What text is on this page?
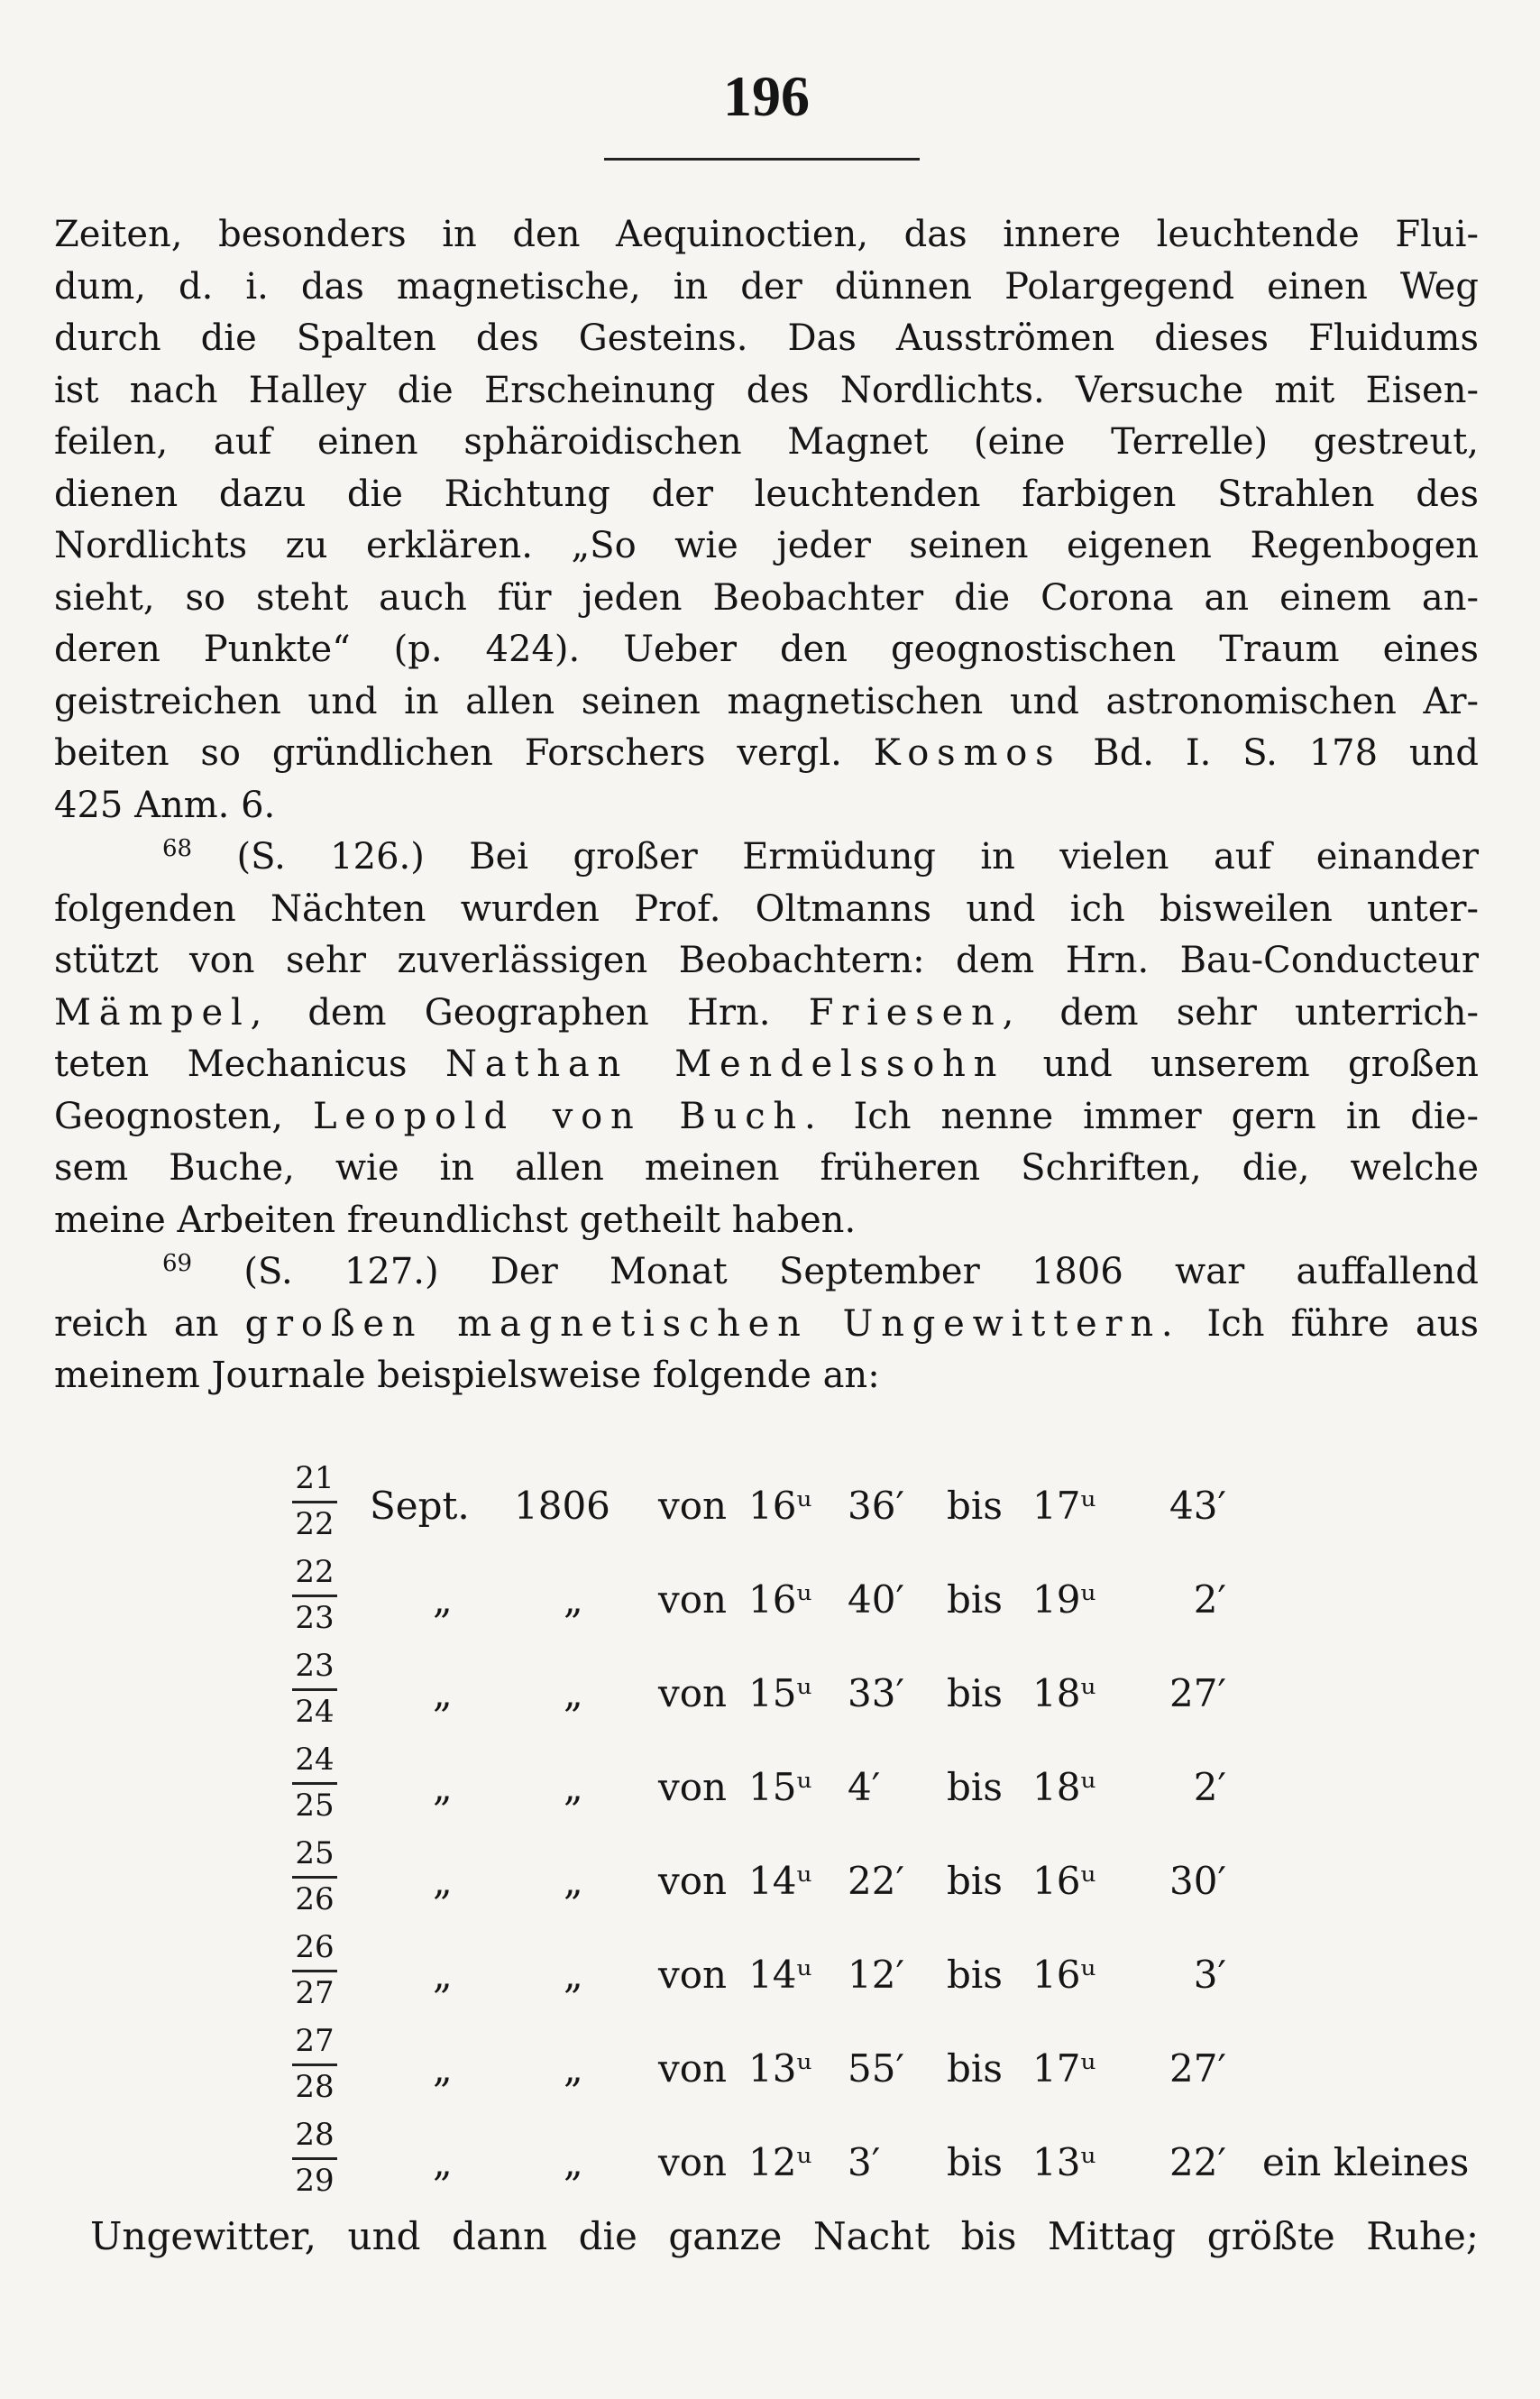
196
Zeiten, besonders in den Aequinoctien, das innere leuchtende Flui-
dum, d. i. das magnetische, in der dünnen Polargegend einen Weg
durch die Spalten des Gesteins. Das Ausströmen dieses Fluidums
ist nach Halley die Erscheinung des Nordlichts. Versuche mit Eisen-
feilen, auf einen sphäroidischen Magnet (eine Terrelle) gestreut,
dienen dazu die Richtung der leuchtenden farbigen Strahlen des
Nordlichts zu erklären. „So wie jeder seinen eigenen Regenbogen
sieht, so steht auch für jeden Beobachter die Corona an einem an-
deren Punkte“ (p. 424). Ueber den geognostischen Traum eines
geistreichen und in allen seinen magnetischen und astronomischen Ar-
beiten so gründlichen Forschers vergl. Kosmos Bd. I. S. 178 und
425 Anm. 6.
$^{68}$ (S. 126.) Bei großer Ermüdung in vielen auf einander
folgenden Nächten wurden Prof. Oltmanns und ich bisweilen unter-
stützt von sehr zuverlässigen Beobachtern: dem Hrn. Bau-Conducteur
Mämpel, dem Geographen Hrn. Friesen, dem sehr unterrich-
teten Mechanicus Nathan Mendelssohn und unserem großen
Geognosten, Leopold von Buch. Ich nenne immer gern in die-
sem Buche, wie in allen meinen früheren Schriften, die, welche
meine Arbeiten freundlichst getheilt haben.
$^{69}$ (S. 127.) Der Monat September 1806 war auffallend
reich an großen magnetischen Ungewittern. Ich führe aus
meinem Journale beispielsweise folgende an:
21
22 Sept. 1806 von 16ᵘ 36′ bis 17ᵘ	43′
22
23	„	„ von 16ᵘ 40′ bis 19ᵘ	2′
23
24	„	„ von 15ᵘ 33′ bis 18ᵘ	27′
24
25	„	„ von 15ᵘ 4′ bis 18ᵘ	2′
25
26	„	„ von 14ᵘ 22′ bis 16ᵘ	30′
26
27	„	„ von 14ᵘ 12′ bis 16ᵘ	3′
27
28	„	„ von 13ᵘ 55′ bis 17ᵘ	27′
28
29	„	„ von 12ᵘ 3′ bis 13ᵘ	22′ ein kleines
Ungewitter, und dann die ganze Nacht bis Mittag größte Ruhe;
